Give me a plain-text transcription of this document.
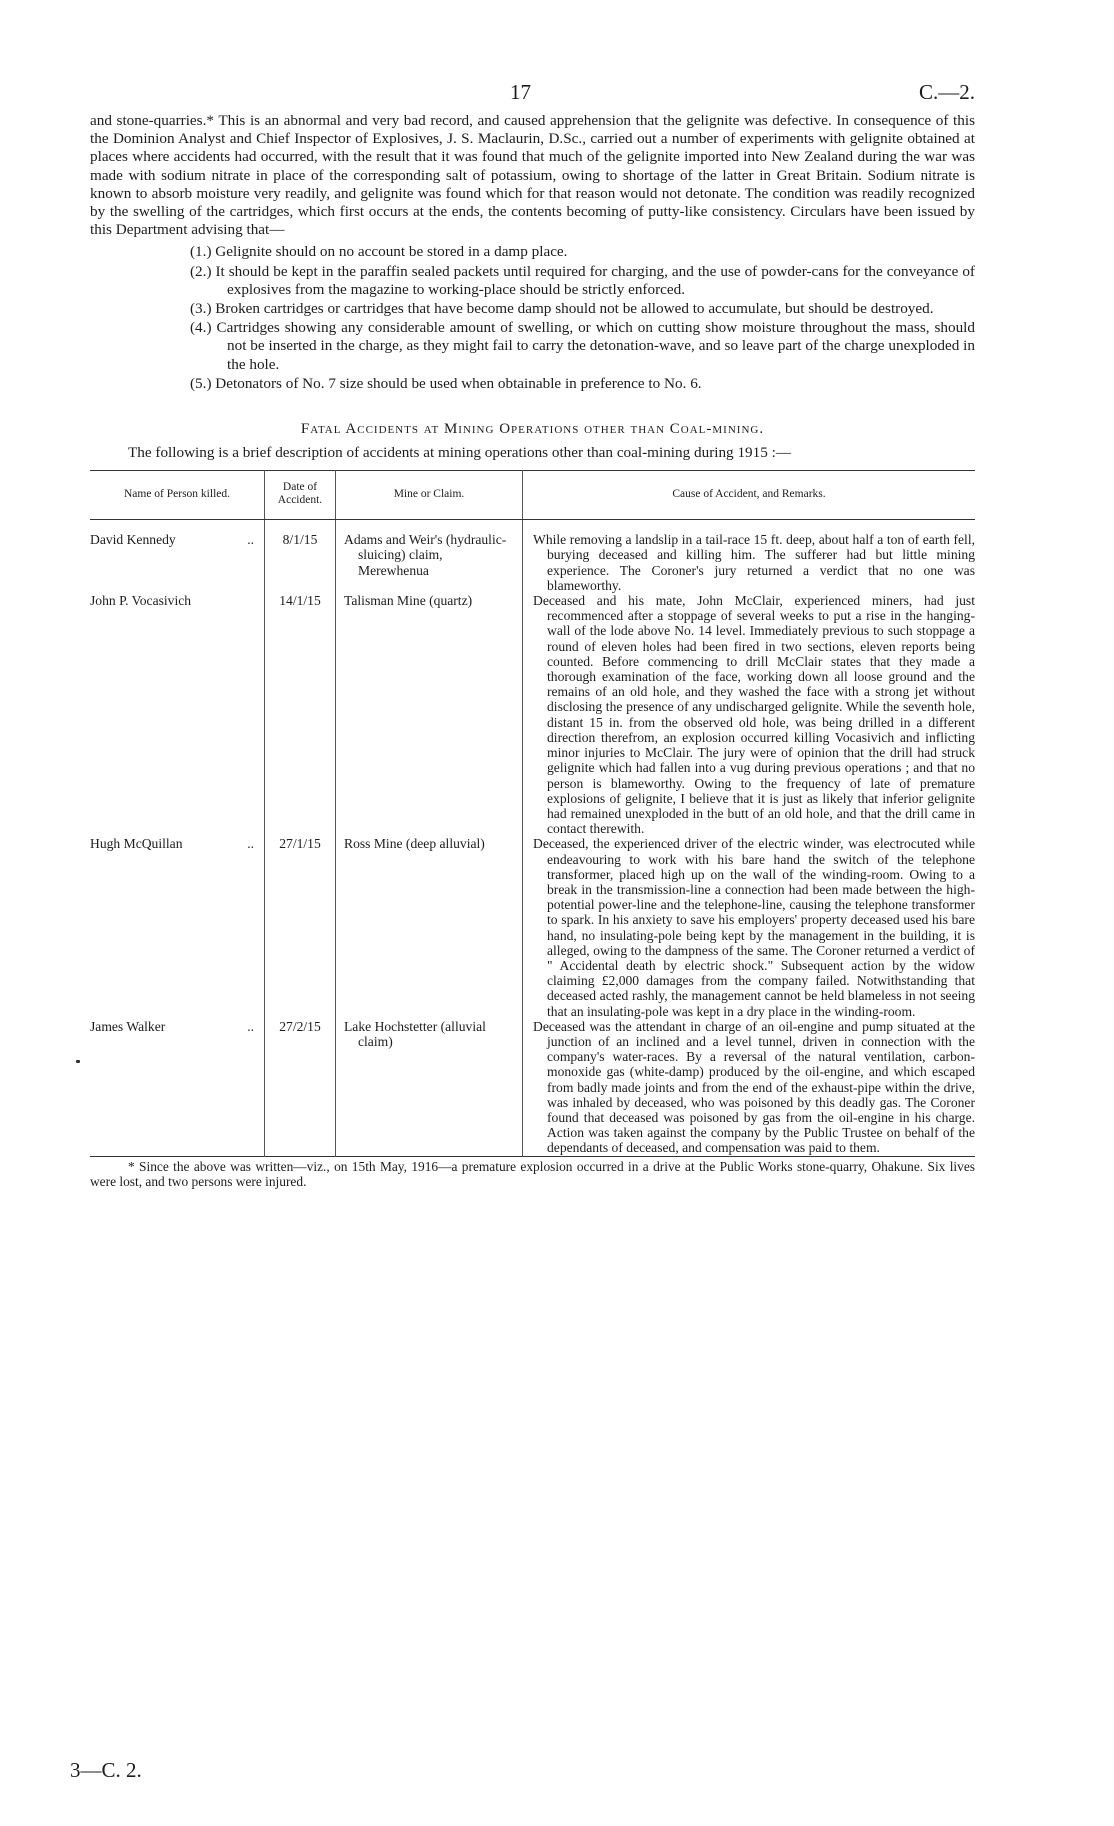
17	C.—2.

and stone-quarries.* This is an abnormal and very bad record, and caused apprehension that the gelignite was defective. In consequence of this the Dominion Analyst and Chief Inspector of Explosives, J. S. Maclaurin, D.Sc., carried out a number of experiments with gelignite obtained at places where accidents had occurred, with the result that it was found that much of the gelignite imported into New Zealand during the war was made with sodium nitrate in place of the corresponding salt of potassium, owing to shortage of the latter in Great Britain. Sodium nitrate is known to absorb moisture very readily, and gelignite was found which for that reason would not detonate. The condition was readily recognized by the swelling of the cartridges, which first occurs at the ends, the contents becoming of putty-like consistency. Circulars have been issued by this Department advising that—

(1.) Gelignite should on no account be stored in a damp place.
(2.) It should be kept in the paraffin sealed packets until required for charging, and the use of powder-cans for the conveyance of explosives from the magazine to working-place should be strictly enforced.
(3.) Broken cartridges or cartridges that have become damp should not be allowed to accumulate, but should be destroyed.
(4.) Cartridges showing any considerable amount of swelling, or which on cutting show moisture throughout the mass, should not be inserted in the charge, as they might fail to carry the detonation-wave, and so leave part of the charge unexploded in the hole.
(5.) Detonators of No. 7 size should be used when obtainable in preference to No. 6.
Fatal Accidents at Mining Operations other than Coal-mining.

The following is a brief description of accidents at mining operations other than coal-mining during 1915 :—

Name of Person killed.	Date of Accident.	Mine or Claim.	Cause of Accident, and Remarks.

David Kennedy ..	8/1/15	Adams and Weir's (hydraulic-sluicing) claim, Merewhenua	While removing a landslip in a tail-race 15 ft. deep, about half a ton of earth fell, burying deceased and killing him. The sufferer had but little mining experience. The Coroner's jury returned a verdict that no one was blameworthy.

John P. Vocasivich	14/1/15	Talisman Mine (quartz)	Deceased and his mate, John McClair, experienced miners, had just recommenced after a stoppage of several weeks to put a rise in the hanging-wall of the lode above No. 14 level. Immediately previous to such stoppage a round of eleven holes had been fired in two sections, eleven reports being counted. Before commencing to drill McClair states that they made a thorough examination of the face, working down all loose ground and the remains of an old hole, and they washed the face with a strong jet without disclosing the presence of any undischarged gelignite. While the seventh hole, distant 15 in. from the observed old hole, was being drilled in a different direction therefrom, an explosion occurred killing Vocasivich and inflicting minor injuries to McClair. The jury were of opinion that the drill had struck gelignite which had fallen into a vug during previous operations ; and that no person is blameworthy. Owing to the frequency of late of premature explosions of gelignite, I believe that it is just as likely that inferior gelignite had remained unexploded in the butt of an old hole, and that the drill came in contact therewith.

Hugh McQuillan ..	27/1/15	Ross Mine (deep alluvial)	Deceased, the experienced driver of the electric winder, was electrocuted while endeavouring to work with his bare hand the switch of the telephone transformer, placed high up on the wall of the winding-room. Owing to a break in the transmission-line a connection had been made between the high-potential power-line and the telephone-line, causing the telephone transformer to spark. In his anxiety to save his employers' property deceased used his bare hand, no insulating-pole being kept by the management in the building, it is alleged, owing to the dampness of the same. The Coroner returned a verdict of " Accidental death by electric shock." Subsequent action by the widow claiming £2,000 damages from the company failed. Notwithstanding that deceased acted rashly, the management cannot be held blameless in not seeing that an insulating-pole was kept in a dry place in the winding-room.

James Walker ..	27/2/15	Lake Hochstetter (alluvial claim)	Deceased was the attendant in charge of an oil-engine and pump situated at the junction of an inclined and a level tunnel, driven in connection with the company's water-races. By a reversal of the natural ventilation, carbon-monoxide gas (white-damp) produced by the oil-engine, and which escaped from badly made joints and from the end of the exhaust-pipe within the drive, was inhaled by deceased, who was poisoned by this deadly gas. The Coroner found that deceased was poisoned by gas from the oil-engine in his charge. Action was taken against the company by the Public Trustee on behalf of the dependants of deceased, and compensation was paid to them.

* Since the above was written—viz., on 15th May, 1916—a premature explosion occurred in a drive at the Public Works stone-quarry, Ohakune. Six lives were lost, and two persons were injured.

3—C. 2.
